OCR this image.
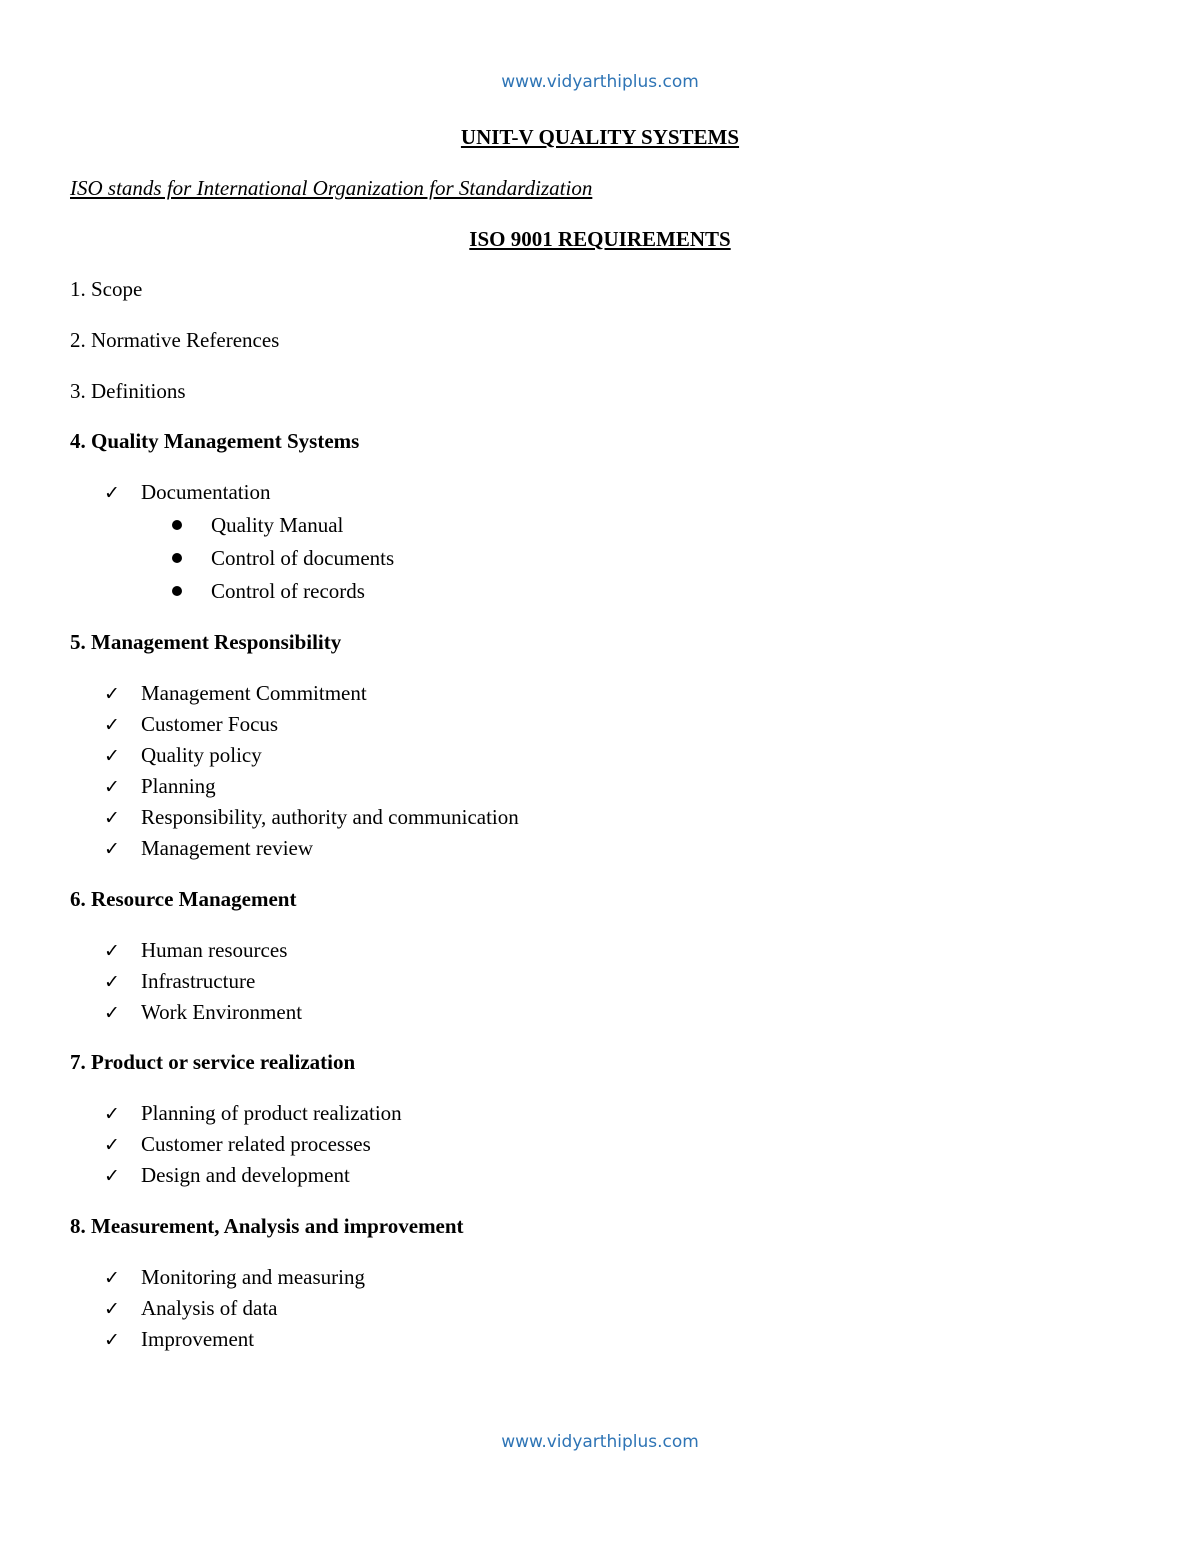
www.vidyarthiplus.com
UNIT-V QUALITY SYSTEMS
ISO stands for International Organization for Standardization
ISO 9001 REQUIREMENTS
1. Scope
2. Normative References
3. Definitions
4. Quality Management Systems
✓ Documentation
Quality Manual
Control of documents
Control of records
5. Management Responsibility
✓ Management Commitment
✓ Customer Focus
✓ Quality policy
✓ Planning
✓ Responsibility, authority and communication
✓ Management review
6. Resource Management
✓ Human resources
✓ Infrastructure
✓ Work Environment
7. Product or service realization
✓ Planning of product realization
✓ Customer related processes
✓ Design and development
8. Measurement, Analysis and improvement
✓ Monitoring and measuring
✓ Analysis of data
✓ Improvement
www.vidyarthiplus.com
